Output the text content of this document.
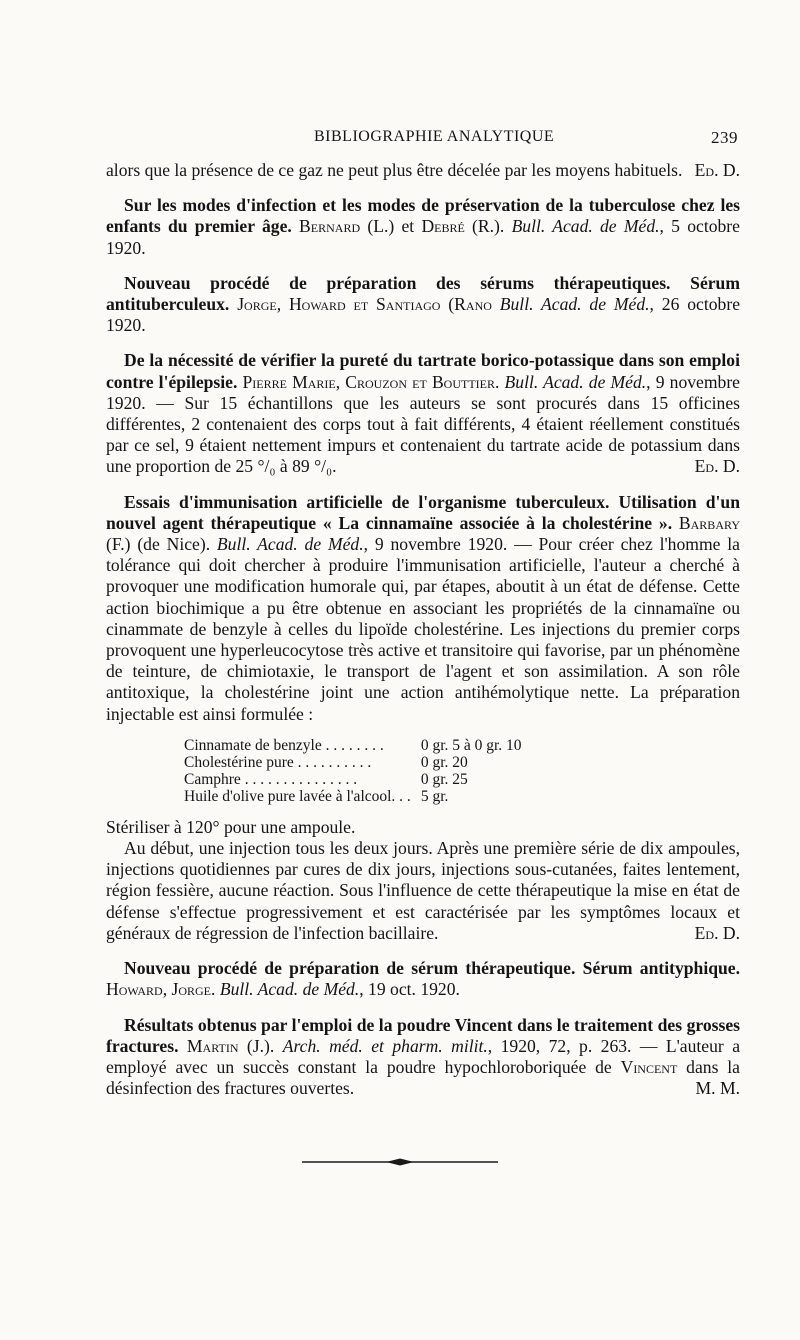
BIBLIOGRAPHIE ANALYTIQUE	239

alors que la présence de ce gaz ne peut plus être décelée par les moyens habituels. Ed. D.

Sur les modes d'infection et les modes de préservation de la tuberculose chez les enfants du premier âge. Bernard (L.) et Debré (R.). Bull. Acad. de Méd., 5 octobre 1920.

Nouveau procédé de préparation des sérums thérapeutiques. Sérum antituberculeux. Jorge, Howard et Santiago (Rano Bull. Acad. de Méd., 26 octobre 1920.

De la nécessité de vérifier la pureté du tartrate borico-potassique dans son emploi contre l'épilepsie. Pierre Marie, Crouzon et Bouttier. Bull. Acad. de Méd., 9 novembre 1920. — Sur 15 échantillons que les auteurs se sont procurés dans 15 officines différentes, 2 contenaient des corps tout à fait différents, 4 étaient réellement constitués par ce sel, 9 étaient nettement impurs et contenaient du tartrate acide de potassium dans une proportion de 25 °/₀ à 89 °/₀.	Ed. D.

Essais d'immunisation artificielle de l'organisme tuberculeux. Utilisation d'un nouvel agent thérapeutique « La cinnamaïne associée à la cholestérine ». Barbary (F.) (de Nice). Bull. Acad. de Méd., 9 novembre 1920. — Pour créer chez l'homme la tolérance qui doit chercher à produire l'immunisation artificielle, l'auteur a cherché à provoquer une modification humorale qui, par étapes, aboutit à un état de défense. Cette action biochimique a pu être obtenue en associant les propriétés de la cinnamaïne ou cinammate de benzyle à celles du lipoïde cholestérine. Les injections du premier corps provoquent une hyperleucocytose très active et transitoire qui favorise, par un phénomène de teinture, de chimiotaxie, le transport de l'agent et son assimilation. A son rôle antitoxique, la cholestérine joint une action antihémolytique nette. La préparation injectable est ainsi formulée :

Cinnamate de benzyle . . . . . . . .	0 gr. 5 à 0 gr. 10
Cholestérine pure . . . . . . . . . .	0 gr. 20
Camphre . . . . . . . . . . . . . . .	0 gr. 25
Huile d'olive pure lavée à l'alcool. . .	5 gr.

Stériliser à 120° pour une ampoule.

Au début, une injection tous les deux jours. Après une première série de dix ampoules, injections quotidiennes par cures de dix jours, injections sous-cutanées, faites lentement, région fessière, aucune réaction. Sous l'influence de cette thérapeutique la mise en état de défense s'effectue progressivement et est caractérisée par les symptômes locaux et généraux de régression de l'infection bacillaire.	Ed. D.

Nouveau procédé de préparation de sérum thérapeutique. Sérum antityphique. Howard, Jorge. Bull. Acad. de Méd., 19 oct. 1920.

Résultats obtenus par l'emploi de la poudre Vincent dans le traitement des grosses fractures. Martin (J.). Arch. méd. et pharm. milit., 1920, 72, p. 263. — L'auteur a employé avec un succès constant la poudre hypochloroboriquée de Vincent dans la désinfection des fractures ouvertes.	M. M.
